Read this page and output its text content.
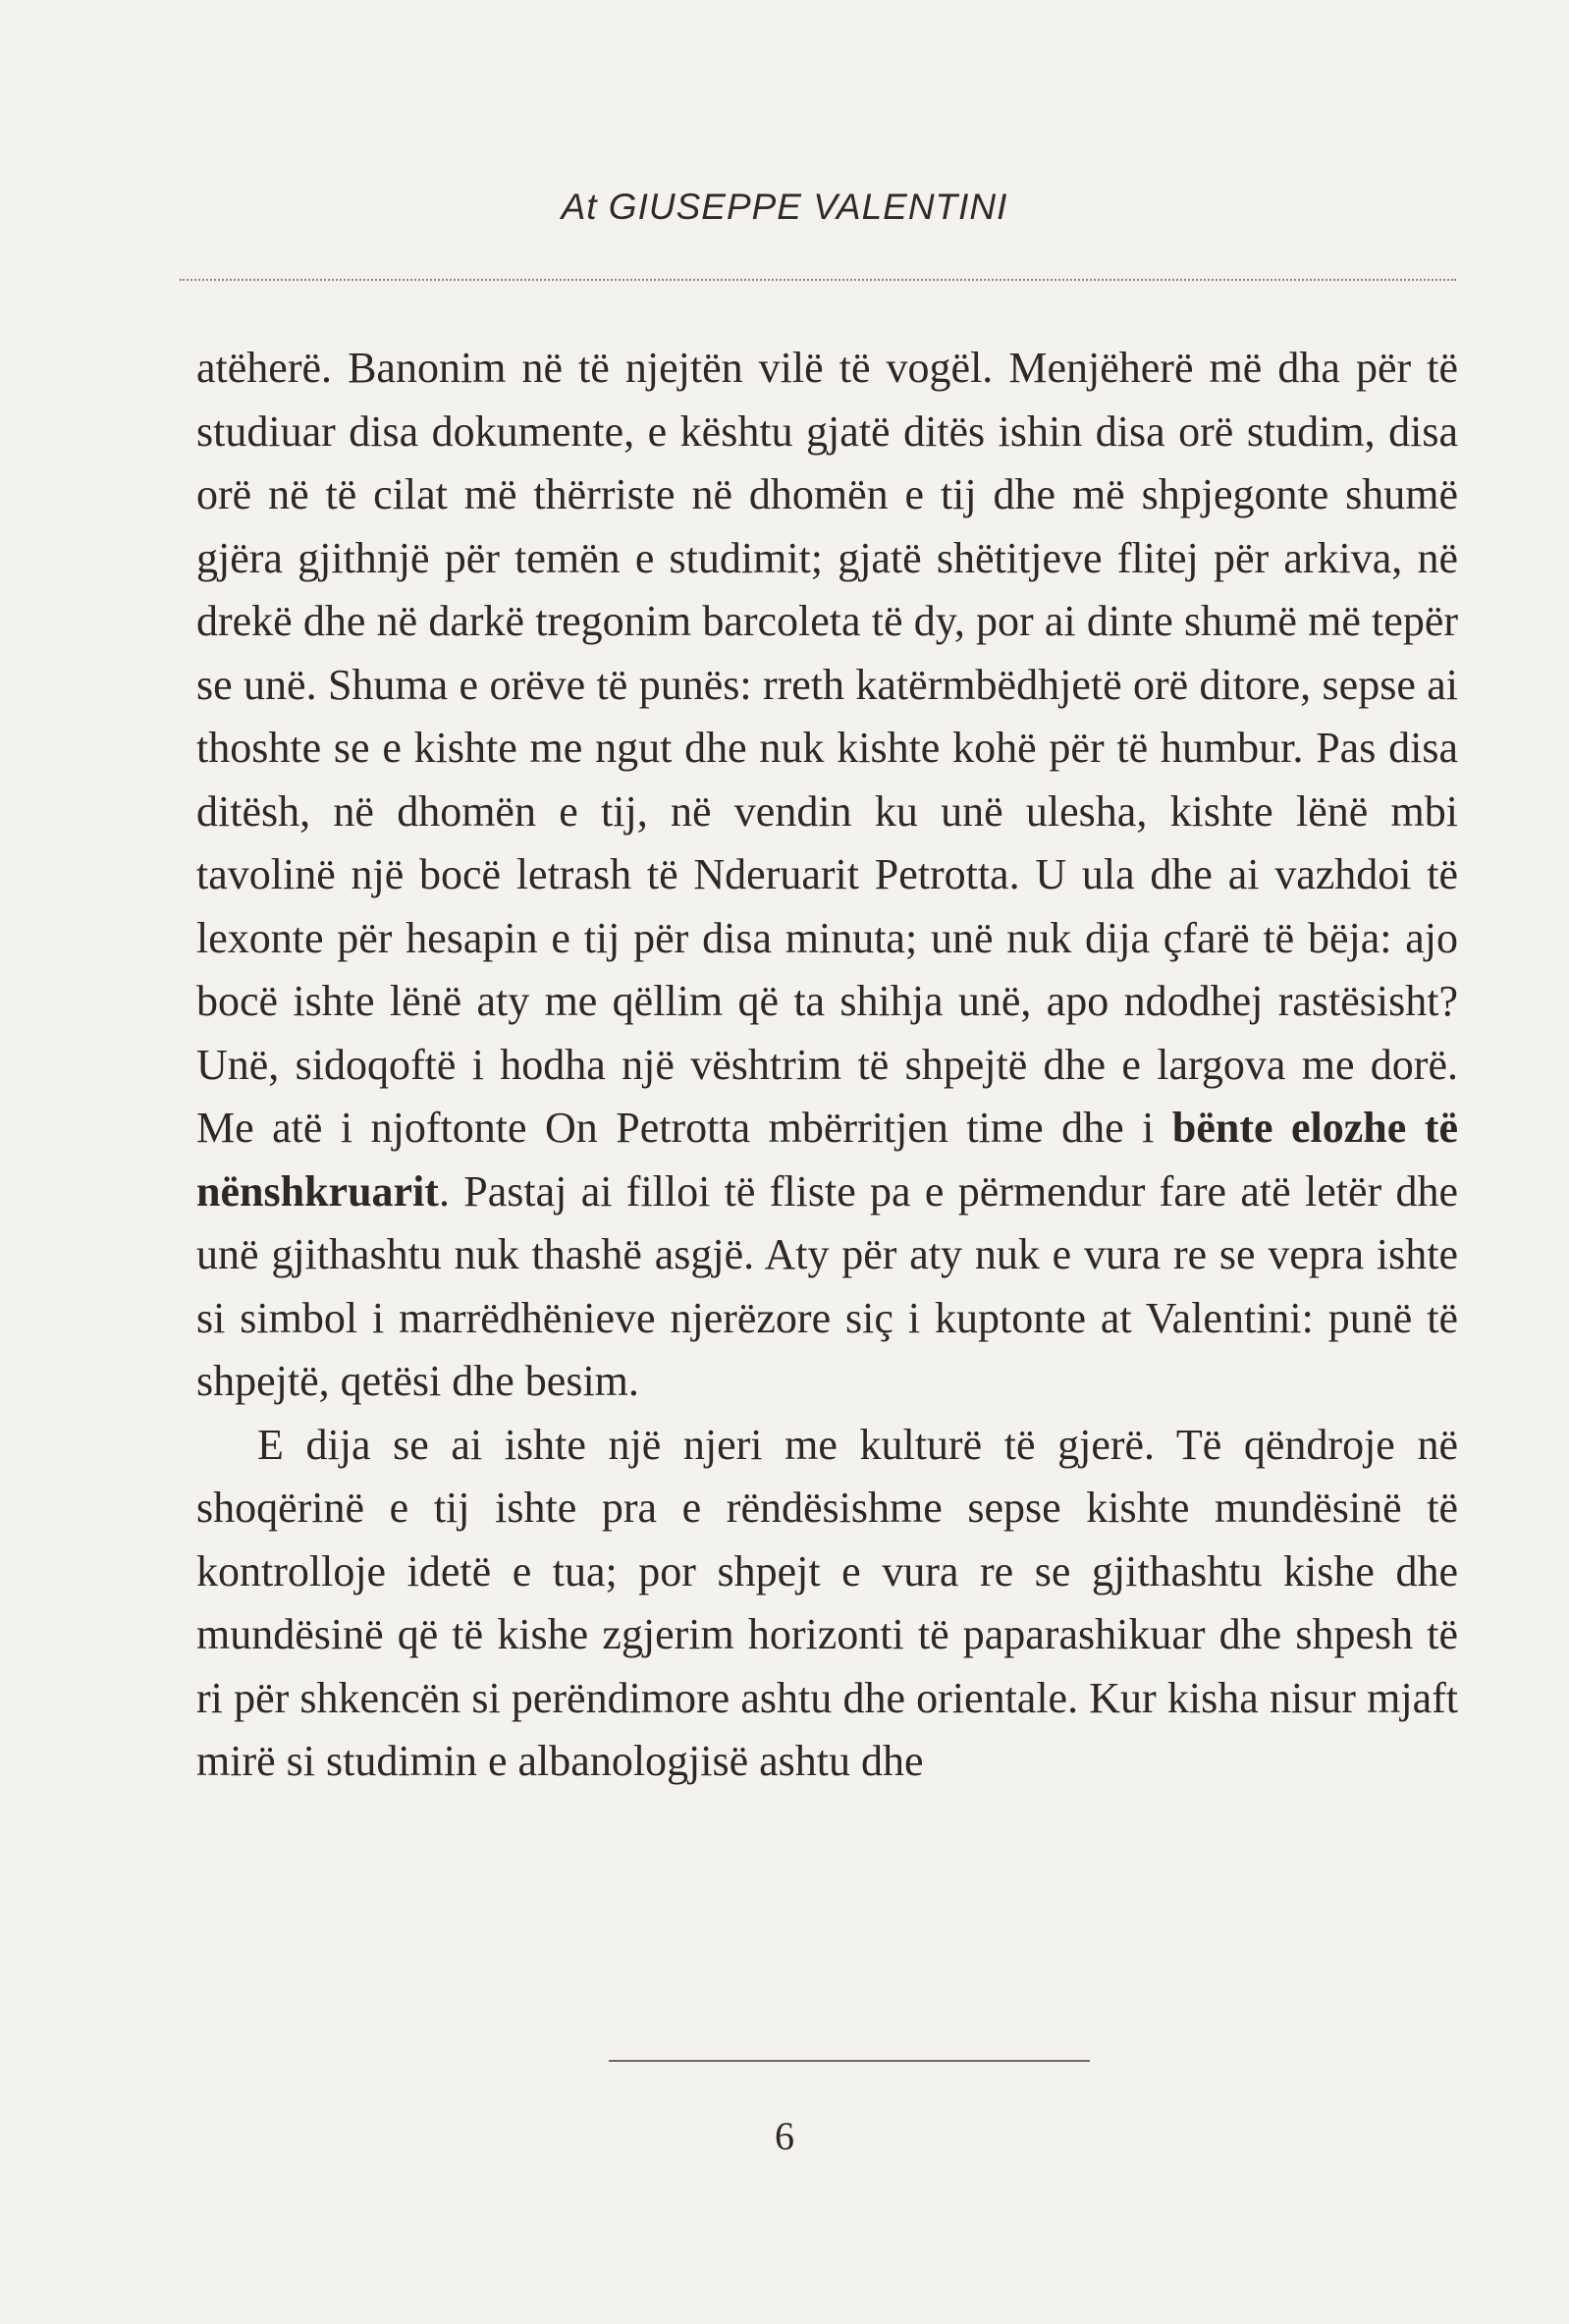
At GIUSEPPE VALENTINI

atëherë. Banonim në të njejtën vilë të vogël. Menjëherë më dha për të studiuar disa dokumente, e kështu gjatë ditës ishin disa orë studim, disa orë në të cilat më thërriste në dhomën e tij dhe më shpjegonte shumë gjëra gjithnjë për temën e studimit; gjatë shëtitjeve flitej për arkiva, në drekë dhe në darkë tregonim barcoleta të dy, por ai dinte shumë më tepër se unë. Shuma e orëve të punës: rreth katërmbëdhjetë orë ditore, sepse ai thoshte se e kishte me ngut dhe nuk kishte kohë për të humbur. Pas disa ditësh, në dhomën e tij, në vendin ku unë ulesha, kishte lënë mbi tavolinë një bocë letrash të Nderuarit Petrotta. U ula dhe ai vazhdoi të lexonte për hesapin e tij për disa minuta; unë nuk dija çfarë të bëja: ajo bocë ishte lënë aty me qëllim që ta shihja unë, apo ndodhej rastësisht? Unë, sidoqoftë i hodha një vështrim të shpejtë dhe e largova me dorë. Me atë i njoftonte On Petrotta mbërritjen time dhe i bënte elozhe të nënshkruarit. Pastaj ai filloi të fliste pa e përmendur fare atë letër dhe unë gjithashtu nuk thashë asgjë. Aty për aty nuk e vura re se vepra ishte si simbol i marrëdhënieve njerëzore siç i kuptonte at Valentini: punë të shpejtë, qetësi dhe besim.

E dija se ai ishte një njeri me kulturë të gjerë. Të qëndroje në shoqërinë e tij ishte pra e rëndësishme sepse kishte mundësinë të kontrolloje idetë e tua; por shpejt e vura re se gjithashtu kishe dhe mundësinë që të kishe zgjerim horizonti të paparashikuar dhe shpesh të ri për shkencën si perëndimore ashtu dhe orientale. Kur kisha nisur mjaft mirë si studimin e albanologjisë ashtu dhe

6
